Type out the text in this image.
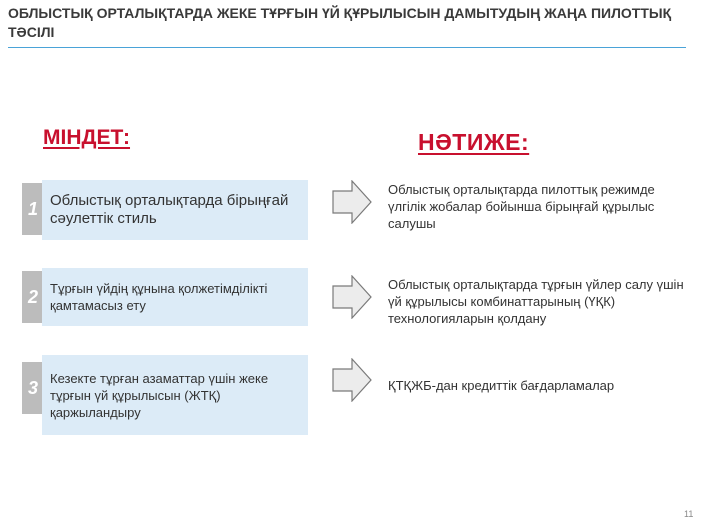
ОБЛЫСТЫҚ ОРТАЛЫҚТАРДА ЖЕКЕ ТҰРҒЫН ҮЙ ҚҰРЫЛЫСЫН ДАМЫТУДЫҢ ЖАҢА ПИЛОТТЫҚ ТӘСІЛІ
МІНДЕТ:	НӘТИЖЕ:
1 Облыстық орталықтарда бірыңғай сәулеттік стиль
Облыстық орталықтарда пилоттық режимде үлгілік жобалар бойынша бірыңғай құрылыс салушы
2 Тұрғын үйдің құнына қолжетімділікті қамтамасыз ету
Облыстық орталықтарда тұрғын үйлер салу үшін үй құрылысы комбинаттарының (ҮҚК) технологияларын қолдану
3 Кезекте тұрған азаматтар үшін жеке тұрғын үй құрылысын (ЖТҚ) қаржыландыру
ҚТҚЖБ-дан кредиттік бағдарламалар
11
